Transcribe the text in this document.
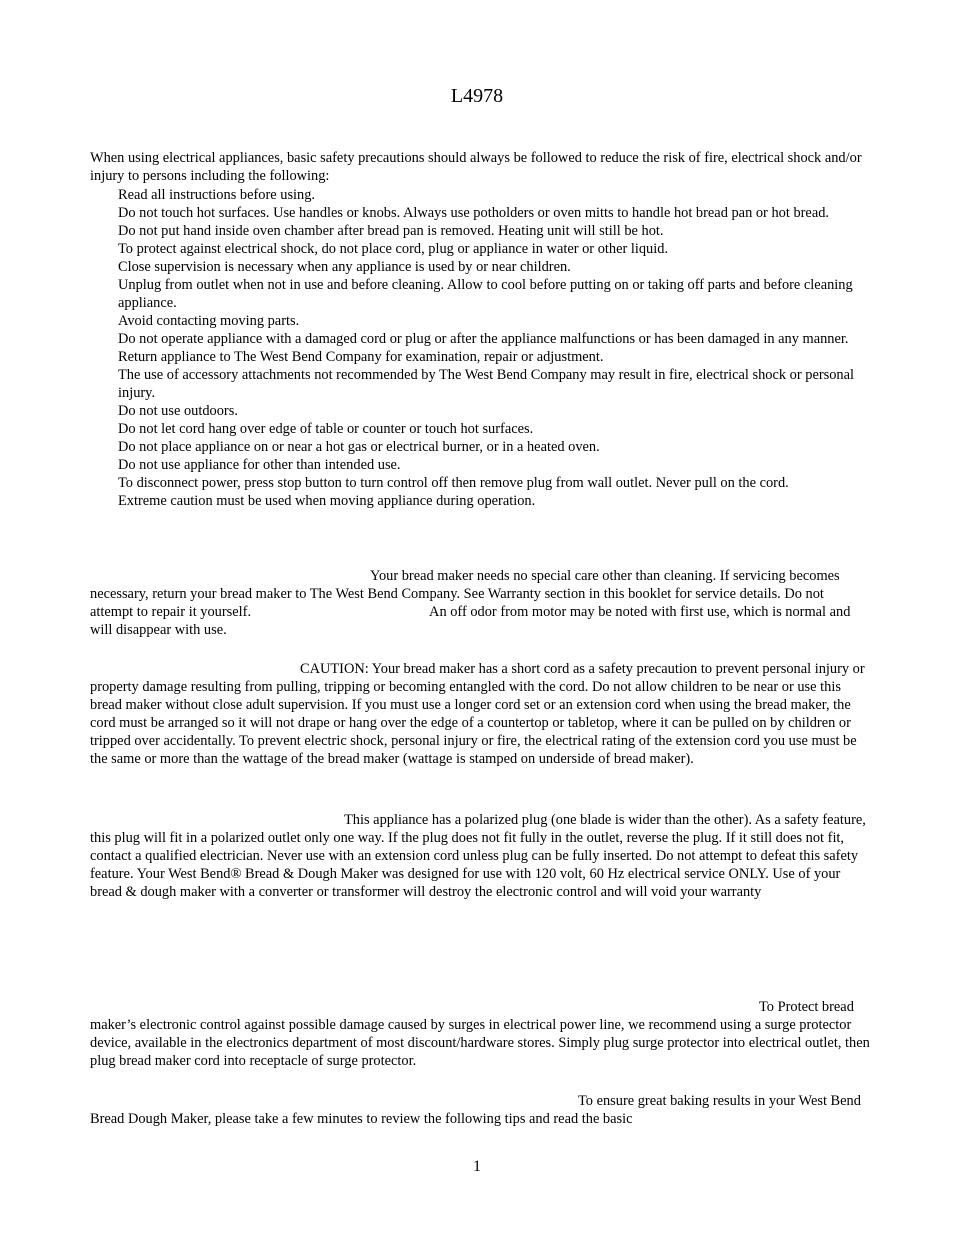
L4978

When using electrical appliances, basic safety precautions should always be followed to reduce the risk of fire, electrical shock and/or injury to persons including the following:

Read all instructions before using.
Do not touch hot surfaces. Use handles or knobs. Always use potholders or oven mitts to handle hot bread pan or hot bread.
Do not put hand inside oven chamber after bread pan is removed. Heating unit will still be hot.
To protect against electrical shock, do not place cord, plug or appliance in water or other liquid.
Close supervision is necessary when any appliance is used by or near children.
Unplug from outlet when not in use and before cleaning. Allow to cool before putting on or taking off parts and before cleaning appliance.
Avoid contacting moving parts.
Do not operate appliance with a damaged cord or plug or after the appliance malfunctions or has been damaged in any manner. Return appliance to The West Bend Company for examination, repair or adjustment.
The use of accessory attachments not recommended by The West Bend Company may result in fire, electrical shock or personal injury.
Do not use outdoors.
Do not let cord hang over edge of table or counter or touch hot surfaces.
Do not place appliance on or near a hot gas or electrical burner, or in a heated oven.
Do not use appliance for other than intended use.
To disconnect power, press stop button to turn control off then remove plug from wall outlet. Never pull on the cord.
Extreme caution must be used when moving appliance during operation.

Your bread maker needs no special care other than cleaning. If servicing becomes necessary, return your bread maker to The West Bend Company. See Warranty section in this booklet for service details. Do not attempt to repair it yourself.	An off odor from motor may be noted with first use, which is normal and will disappear with use.

CAUTION: Your bread maker has a short cord as a safety precaution to prevent personal injury or property damage resulting from pulling, tripping or becoming entangled with the cord. Do not allow children to be near or use this bread maker without close adult supervision. If you must use a longer cord set or an extension cord when using the bread maker, the cord must be arranged so it will not drape or hang over the edge of a countertop or tabletop, where it can be pulled on by children or tripped over accidentally. To prevent electric shock, personal injury or fire, the electrical rating of the extension cord you use must be the same or more than the wattage of the bread maker (wattage is stamped on underside of bread maker).

This appliance has a polarized plug (one blade is wider than the other). As a safety feature, this plug will fit in a polarized outlet only one way. If the plug does not fit fully in the outlet, reverse the plug. If it still does not fit, contact a qualified electrician. Never use with an extension cord unless plug can be fully inserted. Do not attempt to defeat this safety feature. Your West Bend® Bread & Dough Maker was designed for use with 120 volt, 60 Hz electrical service ONLY. Use of your bread & dough maker with a converter or transformer will destroy the electronic control and will void your warranty

To Protect bread maker’s electronic control against possible damage caused by surges in electrical power line, we recommend using a surge protector device, available in the electronics department of most discount/hardware stores. Simply plug surge protector into electrical outlet, then plug bread maker cord into receptacle of surge protector.

To ensure great baking results in your West Bend Bread Dough Maker, please take a few minutes to review the following tips and read the basic

1
